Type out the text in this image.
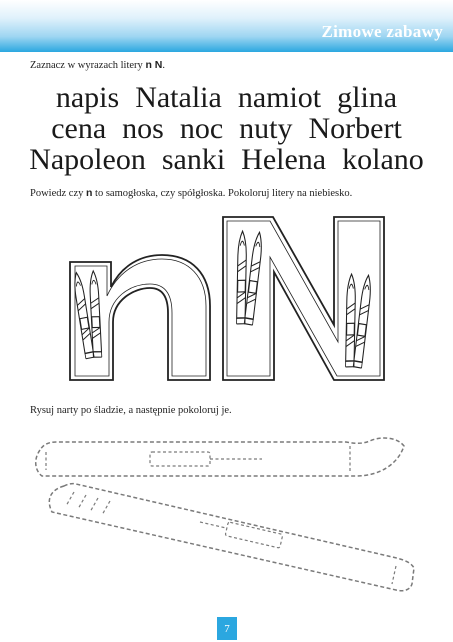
Zimowe zabawy
Zaznacz w wyrazach litery n N.
napis Natalia namiot glina
cena nos noc nuty Norbert
Napoleon sanki Helena kolano
Powiedz czy n to samogłoska, czy spółgłoska. Pokoloruj litery na niebiesko.
Rysuj narty po śladzie, a następnie pokoloruj je.
7
